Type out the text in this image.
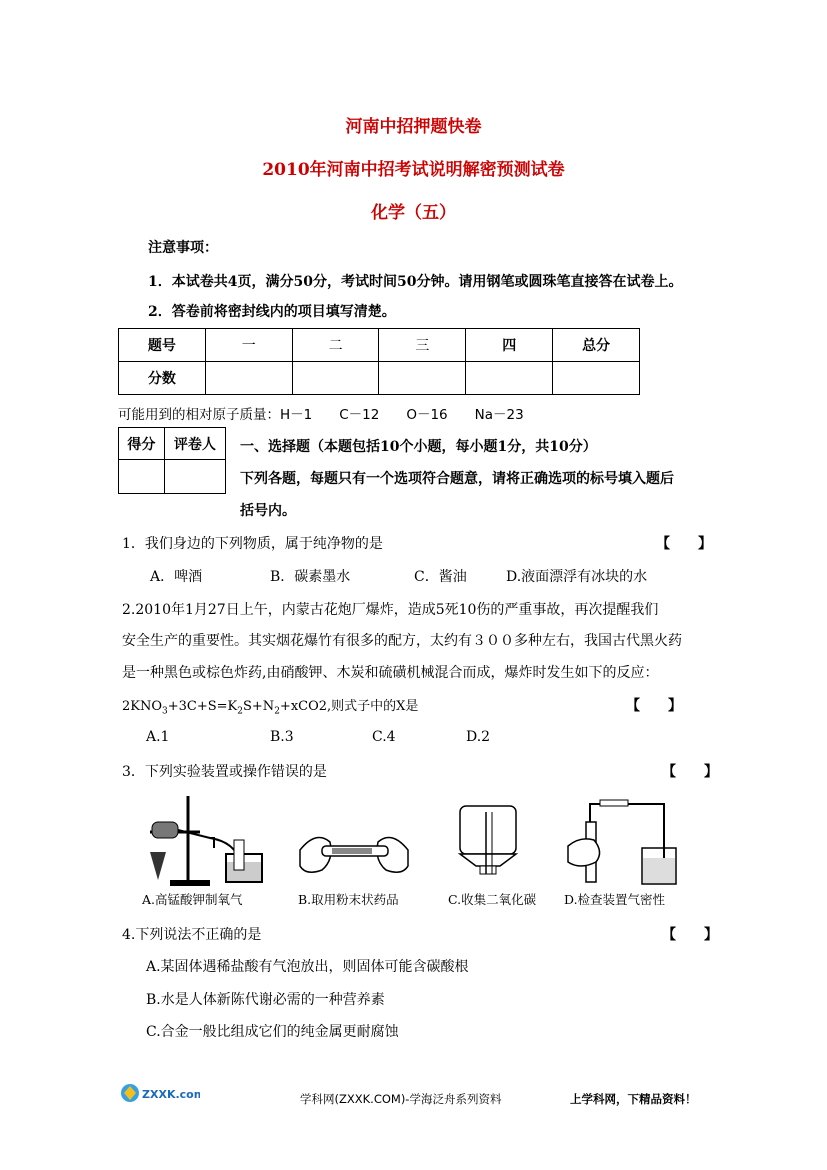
河南中招押题快卷
2010年河南中招考试说明解密预测试卷
化学（五）
注意事项：
1．本试卷共4页，满分50分，考试时间50分钟。请用钢笔或圆珠笔直接答在试卷上。
2．答卷前将密封线内的项目填写清楚。
题号	一	二	三	四	总分
分数					
可能用到的相对原子质量：H－1　　C－12　　O－16　　Na－23
得分	评卷人
	一、选择题（本题包括10个小题，每小题1分，共10分）
下列各题，每题只有一个选项符合题意，请将正确选项的标号填入题后
括号内。
1．我们身边的下列物质，属于纯净物的是	【　　】
A．啤酒	B．碳素墨水	C．酱油	D.液面漂浮有冰块的水
2.2010年1月27日上午，内蒙古花炮厂爆炸，造成5死10伤的严重事故，再次提醒我们
安全生产的重要性。其实烟花爆竹有很多的配方，太约有３００多种左右，我国古代黑火药
是一种黑色或棕色炸药,由硝酸钾、木炭和硫磺机械混合而成，爆炸时发生如下的反应：
$2KNO_3+3C+S=K_2S+N_2+xCO2$,则式子中的X是	【　　】
A.1	B.3	C.4	D.2
3．下列实验装置或操作错误的是	【　　】
A.高锰酸钾制氧气	B.取用粉末状药品	C.收集二氧化碳 D.检查装置气密性
4.下列说法不正确的是	【　　】
A.某固体遇稀盐酸有气泡放出，则固体可能含碳酸根
B.水是人体新陈代谢必需的一种营养素
C.合金一般比组成它们的纯金属更耐腐蚀
ZXXK.com	学科网(ZXXK.COM)-学海泛舟系列资料	上学科网，下精品资料！
